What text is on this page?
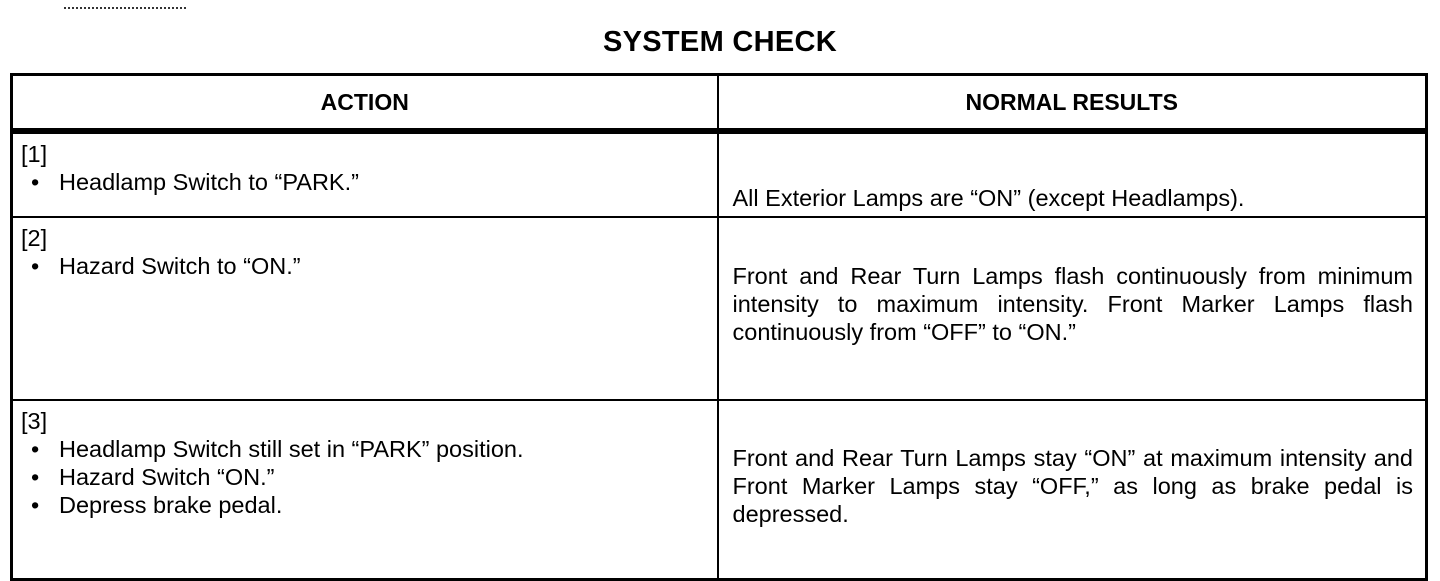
SYSTEM CHECK
ACTION	NORMAL RESULTS

[1]
• Headlamp Switch to “PARK.”	All Exterior Lamps are “ON” (except Headlamps).

[2]
• Hazard Switch to “ON.”	Front and Rear Turn Lamps flash continuously from minimum intensity to maximum intensity. Front Marker Lamps flash continuously from “OFF” to “ON.”

[3]
• Headlamp Switch still set in “PARK” position.
• Hazard Switch “ON.”
• Depress brake pedal.	Front and Rear Turn Lamps stay “ON” at maximum intensity and Front Marker Lamps stay “OFF,” as long as brake pedal is depressed.
